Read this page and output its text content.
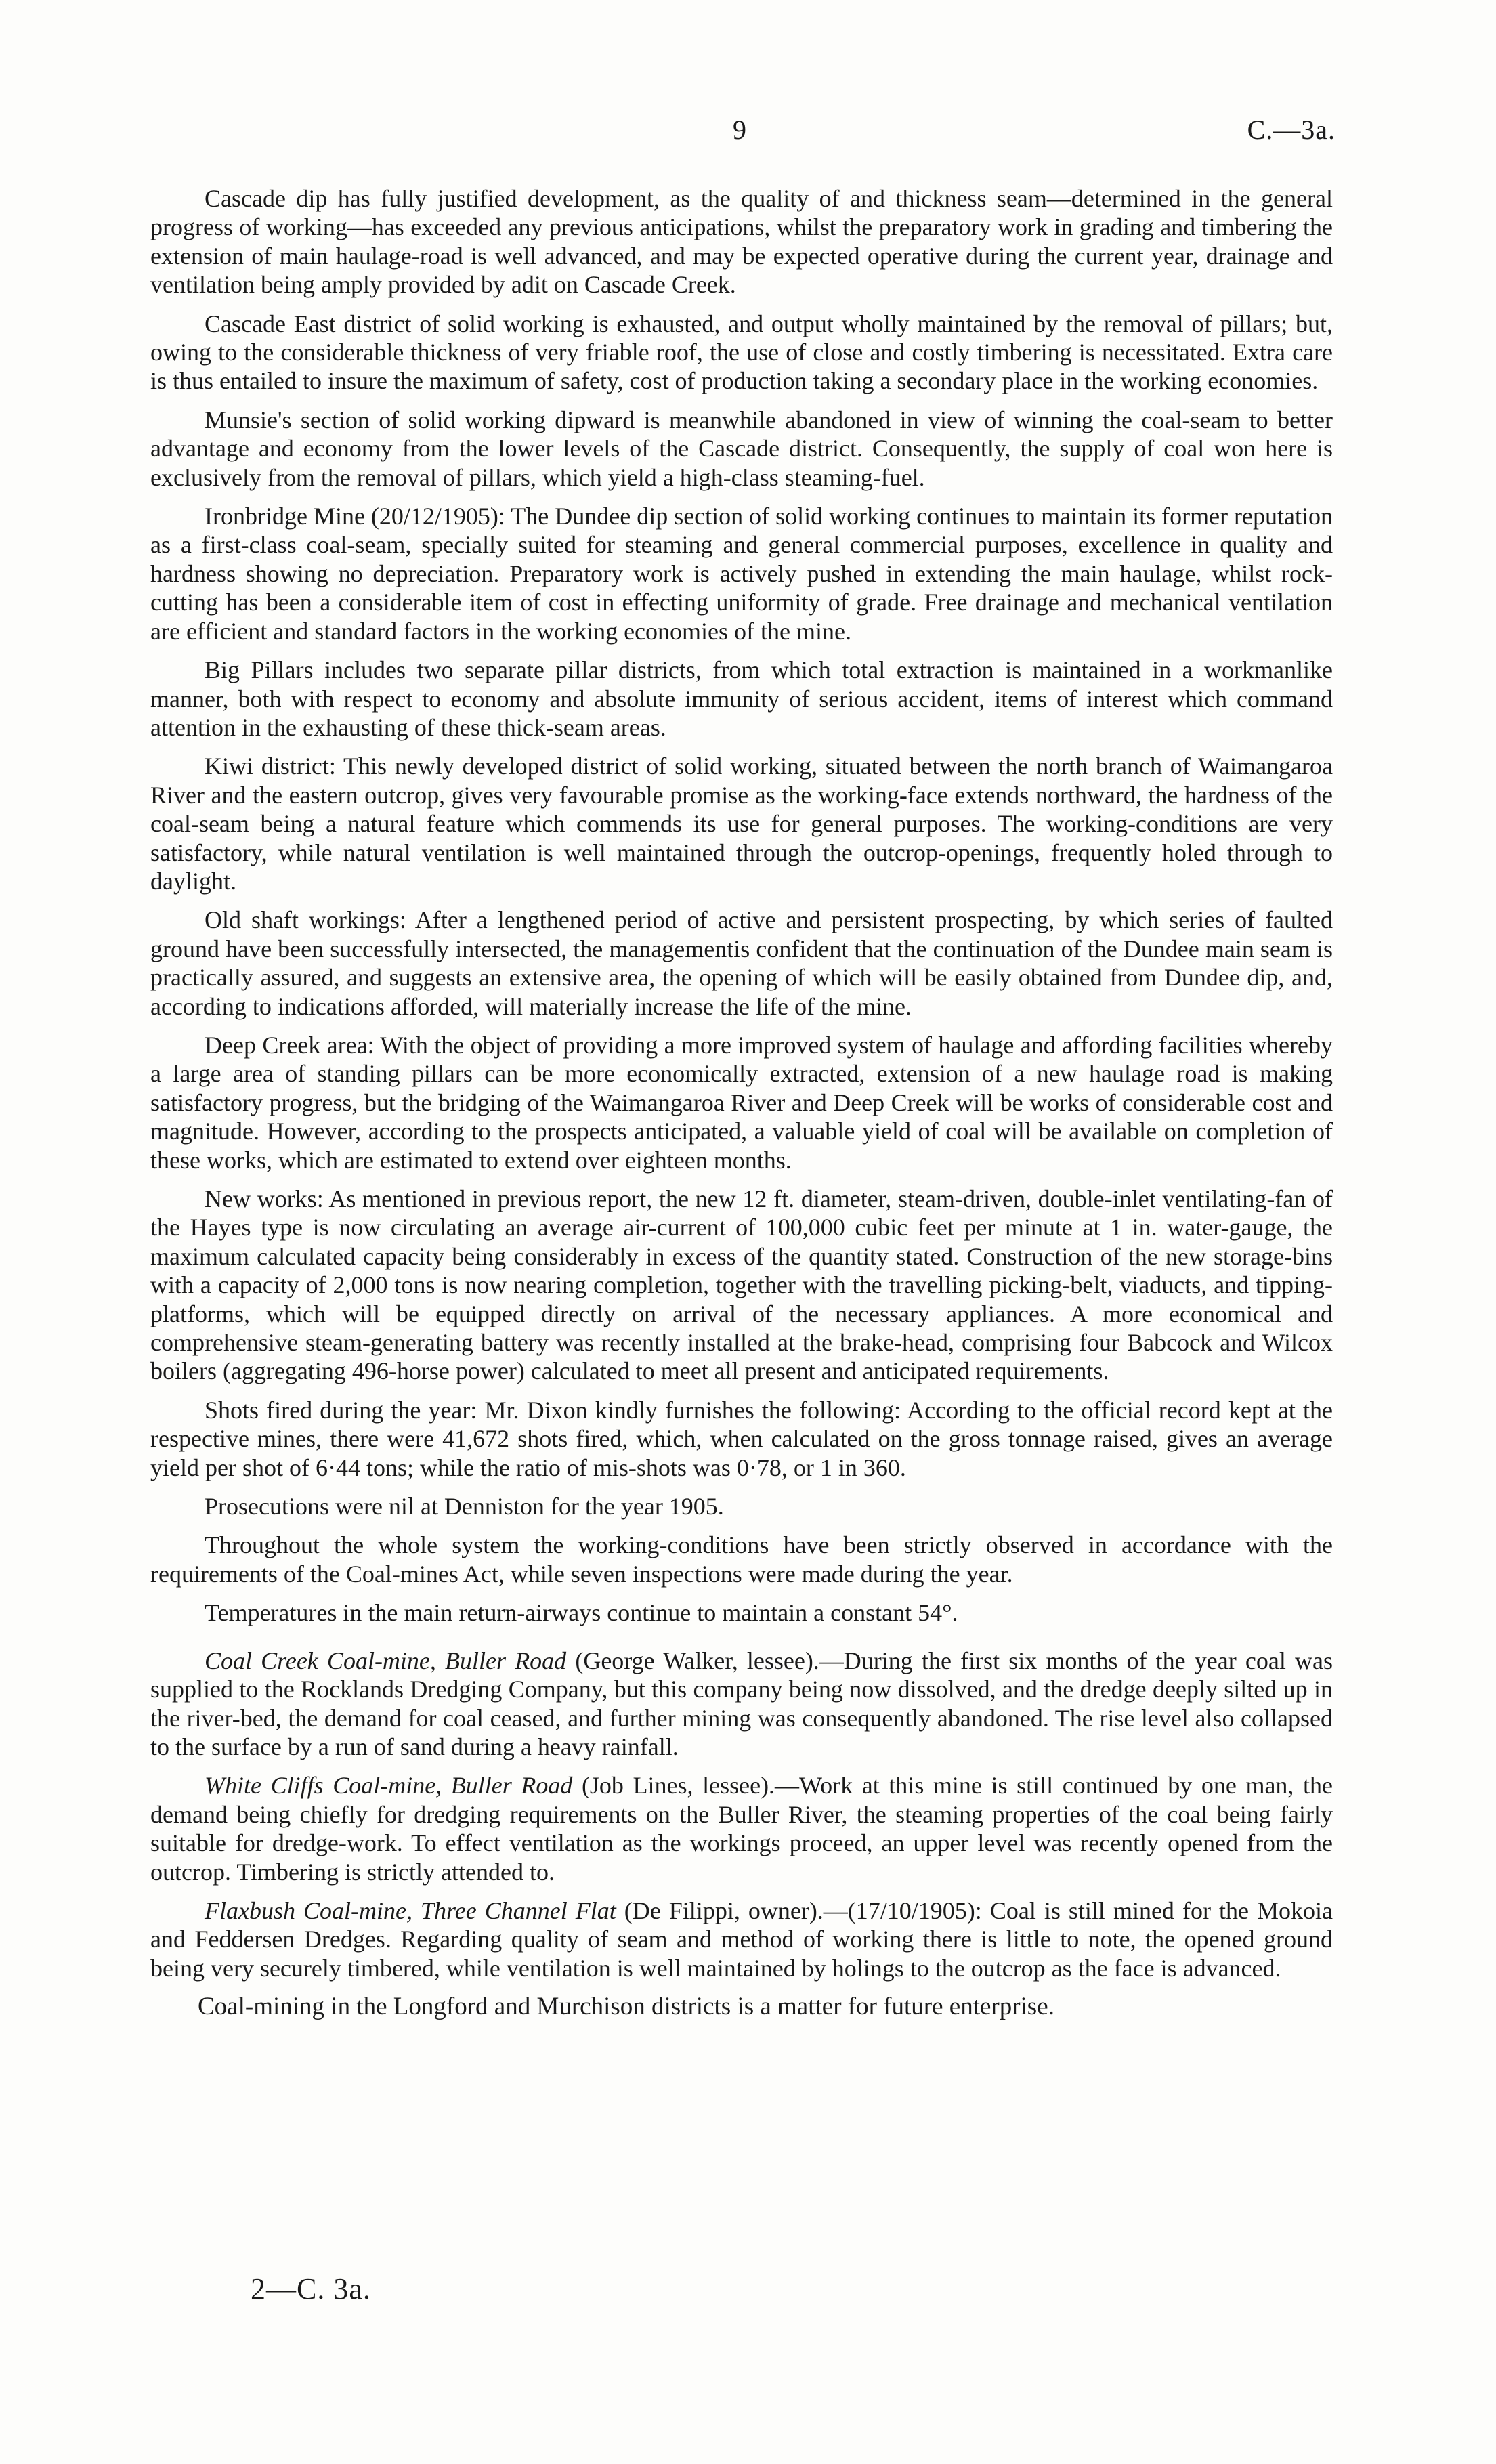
9	C.—3a.

Cascade dip has fully justified development, as the quality of and thickness seam—determined in the general progress of working—has exceeded any previous anticipations, whilst the preparatory work in grading and timbering the extension of main haulage-road is well advanced, and may be expected operative during the current year, drainage and ventilation being amply provided by adit on Cascade Creek.

Cascade East district of solid working is exhausted, and output wholly maintained by the removal of pillars; but, owing to the considerable thickness of very friable roof, the use of close and costly timbering is necessitated. Extra care is thus entailed to insure the maximum of safety, cost of production taking a secondary place in the working economies.

Munsie's section of solid working dipward is meanwhile abandoned in view of winning the coal-seam to better advantage and economy from the lower levels of the Cascade district. Consequently, the supply of coal won here is exclusively from the removal of pillars, which yield a high-class steaming-fuel.

Ironbridge Mine (20/12/1905): The Dundee dip section of solid working continues to maintain its former reputation as a first-class coal-seam, specially suited for steaming and general commercial purposes, excellence in quality and hardness showing no depreciation. Preparatory work is actively pushed in extending the main haulage, whilst rock-cutting has been a considerable item of cost in effecting uniformity of grade. Free drainage and mechanical ventilation are efficient and standard factors in the working economies of the mine.

Big Pillars includes two separate pillar districts, from which total extraction is maintained in a workmanlike manner, both with respect to economy and absolute immunity of serious accident, items of interest which command attention in the exhausting of these thick-seam areas.

Kiwi district: This newly developed district of solid working, situated between the north branch of Waimangaroa River and the eastern outcrop, gives very favourable promise as the working-face extends northward, the hardness of the coal-seam being a natural feature which commends its use for general purposes. The working-conditions are very satisfactory, while natural ventilation is well maintained through the outcrop-openings, frequently holed through to daylight.

Old shaft workings: After a lengthened period of active and persistent prospecting, by which series of faulted ground have been successfully intersected, the managementis confident that the continuation of the Dundee main seam is practically assured, and suggests an extensive area, the opening of which will be easily obtained from Dundee dip, and, according to indications afforded, will materially increase the life of the mine.

Deep Creek area: With the object of providing a more improved system of haulage and affording facilities whereby a large area of standing pillars can be more economically extracted, extension of a new haulage road is making satisfactory progress, but the bridging of the Waimangaroa River and Deep Creek will be works of considerable cost and magnitude. However, according to the prospects anticipated, a valuable yield of coal will be available on completion of these works, which are estimated to extend over eighteen months.

New works: As mentioned in previous report, the new 12 ft. diameter, steam-driven, double-inlet ventilating-fan of the Hayes type is now circulating an average air-current of 100,000 cubic feet per minute at 1 in. water-gauge, the maximum calculated capacity being considerably in excess of the quantity stated. Construction of the new storage-bins with a capacity of 2,000 tons is now nearing completion, together with the travelling picking-belt, viaducts, and tipping-platforms, which will be equipped directly on arrival of the necessary appliances. A more economical and comprehensive steam-generating battery was recently installed at the brake-head, comprising four Babcock and Wilcox boilers (aggregating 496-horse power) calculated to meet all present and anticipated requirements.

Shots fired during the year: Mr. Dixon kindly furnishes the following: According to the official record kept at the respective mines, there were 41,672 shots fired, which, when calculated on the gross tonnage raised, gives an average yield per shot of 6·44 tons; while the ratio of mis-shots was 0·78, or 1 in 360.

Prosecutions were nil at Denniston for the year 1905.

Throughout the whole system the working-conditions have been strictly observed in accordance with the requirements of the Coal-mines Act, while seven inspections were made during the year.

Temperatures in the main return-airways continue to maintain a constant 54°.

Coal Creek Coal-mine, Buller Road (George Walker, lessee).—During the first six months of the year coal was supplied to the Rocklands Dredging Company, but this company being now dissolved, and the dredge deeply silted up in the river-bed, the demand for coal ceased, and further mining was consequently abandoned. The rise level also collapsed to the surface by a run of sand during a heavy rainfall.

White Cliffs Coal-mine, Buller Road (Job Lines, lessee).—Work at this mine is still continued by one man, the demand being chiefly for dredging requirements on the Buller River, the steaming properties of the coal being fairly suitable for dredge-work. To effect ventilation as the workings proceed, an upper level was recently opened from the outcrop. Timbering is strictly attended to.

Flaxbush Coal-mine, Three Channel Flat (De Filippi, owner).—(17/10/1905): Coal is still mined for the Mokoia and Feddersen Dredges. Regarding quality of seam and method of working there is little to note, the opened ground being very securely timbered, while ventilation is well maintained by holings to the outcrop as the face is advanced.

Coal-mining in the Longford and Murchison districts is a matter for future enterprise.

2—C. 3a.
